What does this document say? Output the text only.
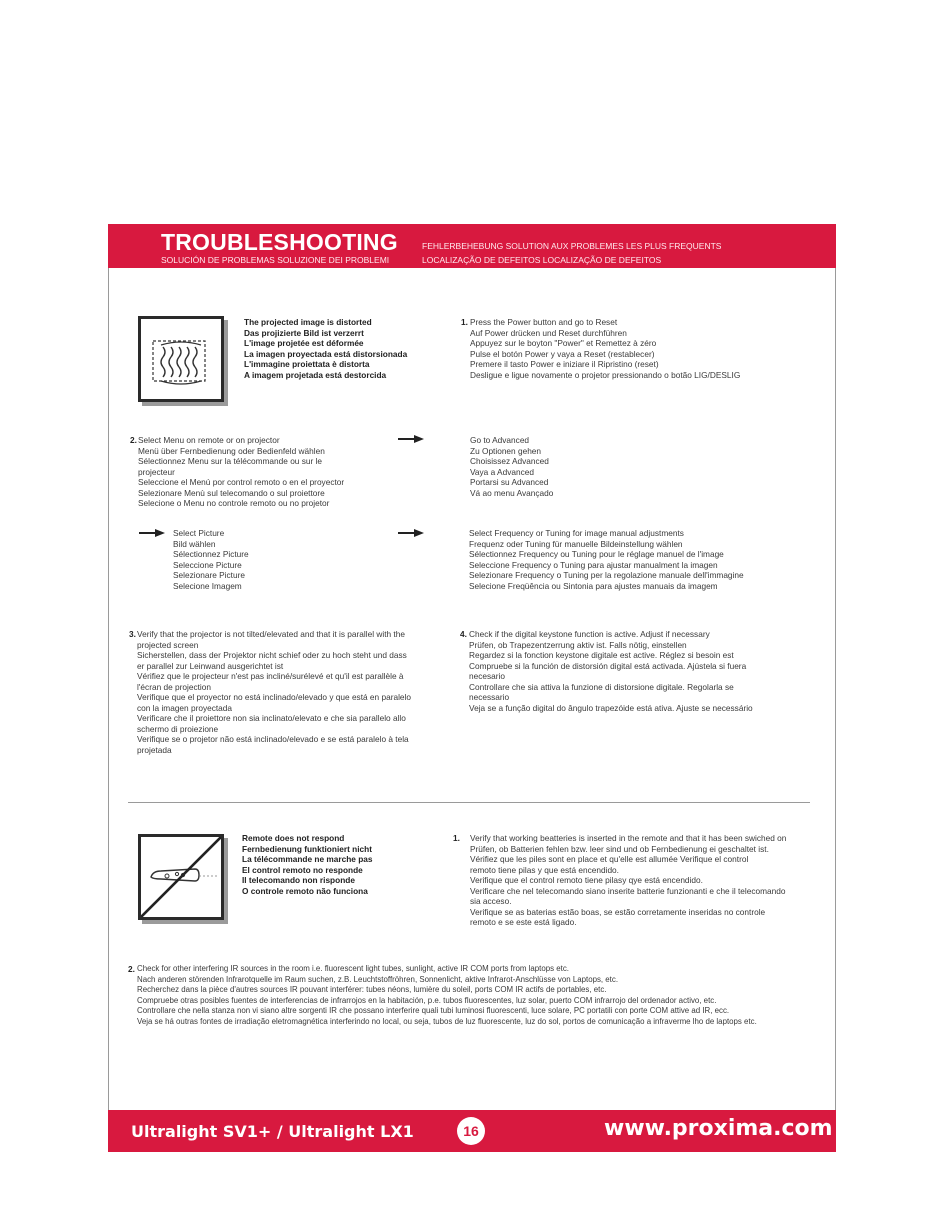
TROUBLESHOOTING	FEHLERBEHEBUNG SOLUTION AUX PROBLEMES LES PLUS FREQUENTS
SOLUCIÓN DE PROBLEMAS SOLUZIONE DEI PROBLEMI	LOCALIZAÇÃO DE DEFEITOS LOCALIZAÇÃO DE DEFEITOS
The projected image is distorted
Das projizierte Bild ist verzerrt
L'image projetée est déformée
La imagen proyectada está distorsionada
L'immagine proiettata è distorta
A imagem projetada está destorcida
1. Press the Power button and go to Reset
Auf Power drücken und Reset durchführen
Appuyez sur le boyton "Power" et Remettez à zéro
Pulse el botón Power y vaya a Reset (restablecer)
Premere il tasto Power e iniziare il Ripristino (reset)
Desligue e ligue novamente o projetor pressionando o botão LIG/DESLIG
2. Select Menu on remote or on projector
Menü über Fernbedienung oder Bedienfeld wählen
Sélectionnez Menu sur la télécommande ou sur le
projecteur
Seleccione el Menú por control remoto o en el proyector
Selezionare Menù sul telecomando o sul proiettore
Selecione o Menu no controle remoto ou no projetor
Go to Advanced
Zu Optionen gehen
Choisissez Advanced
Vaya a Advanced
Portarsi su Advanced
Vá ao menu Avançado
Select Picture
Bild wählen
Sélectionnez Picture
Seleccione Picture
Selezionare Picture
Selecione Imagem
Select Frequency or Tuning for image manual adjustments
Frequenz oder Tuning für manuelle Bildeinstellung wählen
Sélectionnez Frequency ou Tuning pour le réglage manuel de l'image
Seleccione Frequency o Tuning para ajustar manualment la imagen
Selezionare Frequency o Tuning per la regolazione manuale dell'immagine
Selecione Freqüência ou Sintonia para ajustes manuais da imagem
3. Verify that the projector is not tilted/elevated and that it is parallel with the
projected screen
Sicherstellen, dass der Projektor nicht schief oder zu hoch steht und dass
er parallel zur Leinwand ausgerichtet ist
Vérifiez que le projecteur n'est pas incliné/surélevé et qu'il est parallèle à
l'écran de projection
Verifique que el proyector no está inclinado/elevado y que está en paralelo
con la imagen proyectada
Verificare che il proiettore non sia inclinato/elevato e che sia parallelo allo
schermo di proiezione
Verifique se o projetor não está inclinado/elevado e se está paralelo à tela
projetada
4. Check if the digital keystone function is active. Adjust if necessary
Prüfen, ob Trapezentzerrung aktiv ist. Falls nötig, einstellen
Regardez si la fonction keystone digitale est active. Réglez si besoin est
Compruebe si la función de distorsión digital está activada. Ajústela si fuera
necesario
Controllare che sia attiva la funzione di distorsione digitale. Regolarla se
necessario
Veja se a função digital do ângulo trapezóide está ativa. Ajuste se necessário
Remote does not respond
Fernbedienung funktioniert nicht
La télécommande ne marche pas
El control remoto no responde
Il telecomando non risponde
O controle remoto não funciona
1. Verify that working beatteries is inserted in the remote and that it has been swiched on
Prüfen, ob Batterien fehlen bzw. leer sind und ob Fernbedienung ei geschaltet ist.
Vérifiez que les piles sont en place et qu'elle est allumée Verifique el control
remoto tiene pilas y que está encendido.
Verifique que el control remoto tiene pilasy qye está encendido.
Verificare che nel telecomando siano inserite batterie funzionanti e che il telecomando
sia acceso.
Verifique se as baterias estão boas, se estão corretamente inseridas no controle
remoto e se este está ligado.
2. Check for other interfering IR sources in the room i.e. fluorescent light tubes, sunlight, active IR COM ports from laptops etc.
Nach anderen störenden Infrarotquelle im Raum suchen, z.B. Leuchtstoffröhren, Sonnenlicht, aktive Infrarot-Anschlüsse von Laptops, etc.
Recherchez dans la pièce d'autres sources IR pouvant interférer: tubes néons, lumière du soleil, ports COM IR actifs de portables, etc.
Compruebe otras posibles fuentes de interferencias de infrarrojos en la habitación, p.e. tubos fluorescentes, luz solar, puerto COM infrarrojo del ordenador activo, etc.
Controllare che nella stanza non vi siano altre sorgenti IR che possano interferire quali tubi luminosi fluorescenti, luce solare, PC portatili con porte COM attive ad IR, ecc.
Veja se há outras fontes de irradiação eletromagnética interferindo no local, ou seja, tubos de luz fluorescente, luz do sol, portos de comunicação a infraverme lho de laptops etc.
Ultralight SV1+ / Ultralight LX1	16	www.proxima.com
